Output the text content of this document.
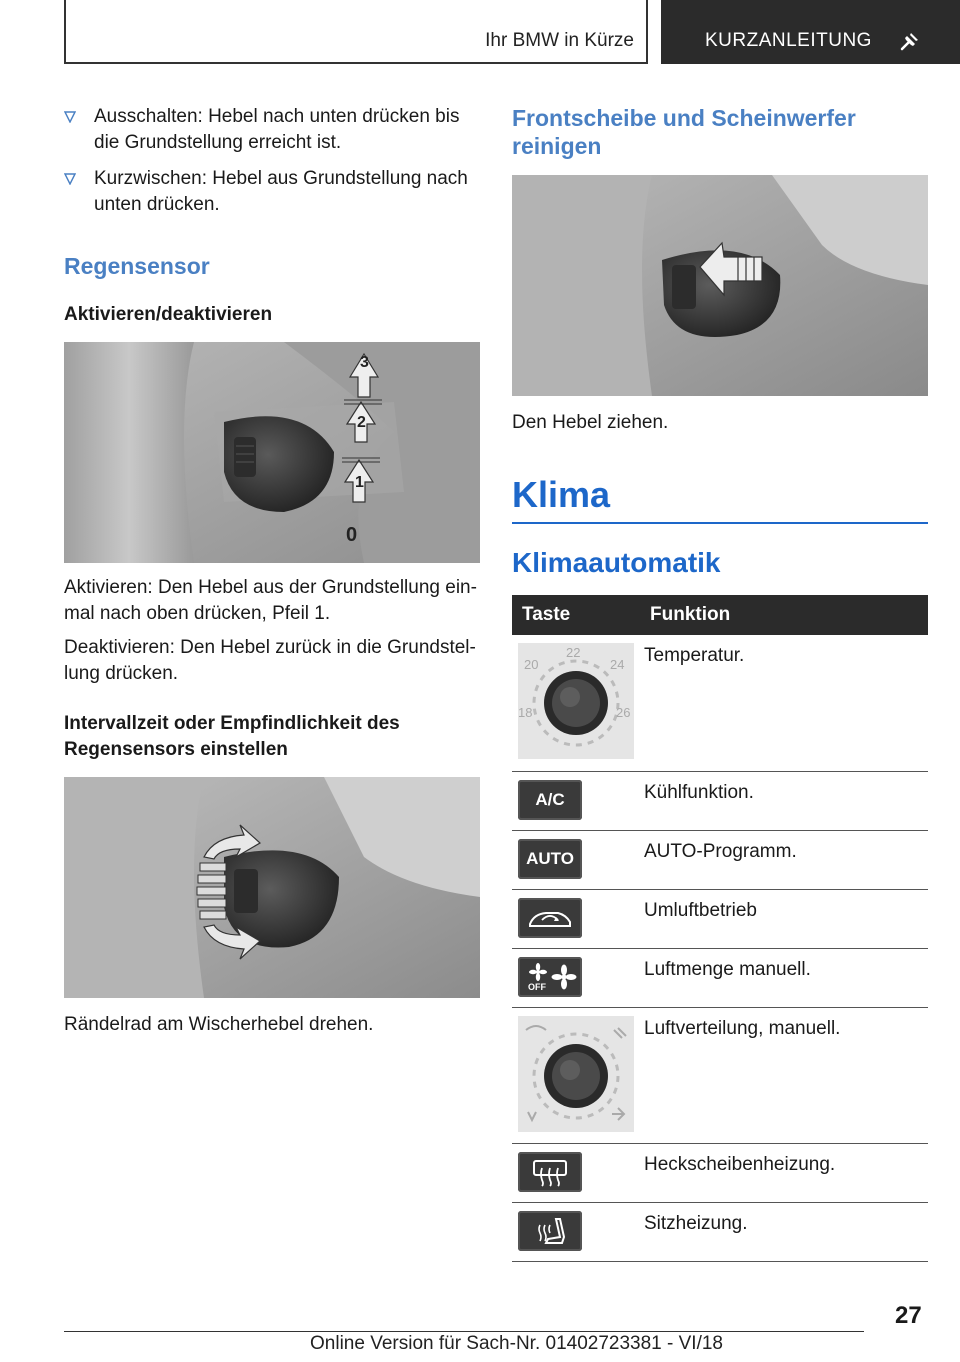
Ihr BMW in Kürze	KURZANLEITUNG
Ausschalten: Hebel nach unten drücken bis die Grundstellung erreicht ist.
Kurzwischen: Hebel aus Grundstellung nach unten drücken.
Regensensor
Aktivieren/deaktivieren
3
2
1
0
Aktivieren: Den Hebel aus der Grundstellung ein-mal nach oben drücken, Pfeil 1.
Deaktivieren: Den Hebel zurück in die Grundstel-lung drücken.
Intervallzeit oder Empfindlichkeit des Regensensors einstellen
Rändelrad am Wischerhebel drehen.
Frontscheibe und Scheinwerfer reinigen
Den Hebel ziehen.
Klima
Klimaautomatik
Taste	Funktion

20
22
24
18 26	Temperatur.

A/C	Kühlfunktion.

AUTO	AUTO-Programm.

	Umluftbetrieb

OFF	Luftmenge manuell.

	Luftverteilung, manuell.

	Heckscheibenheizung.

	Sitzheizung.
27
Online Version für Sach-Nr. 01402723381 - VI/18
